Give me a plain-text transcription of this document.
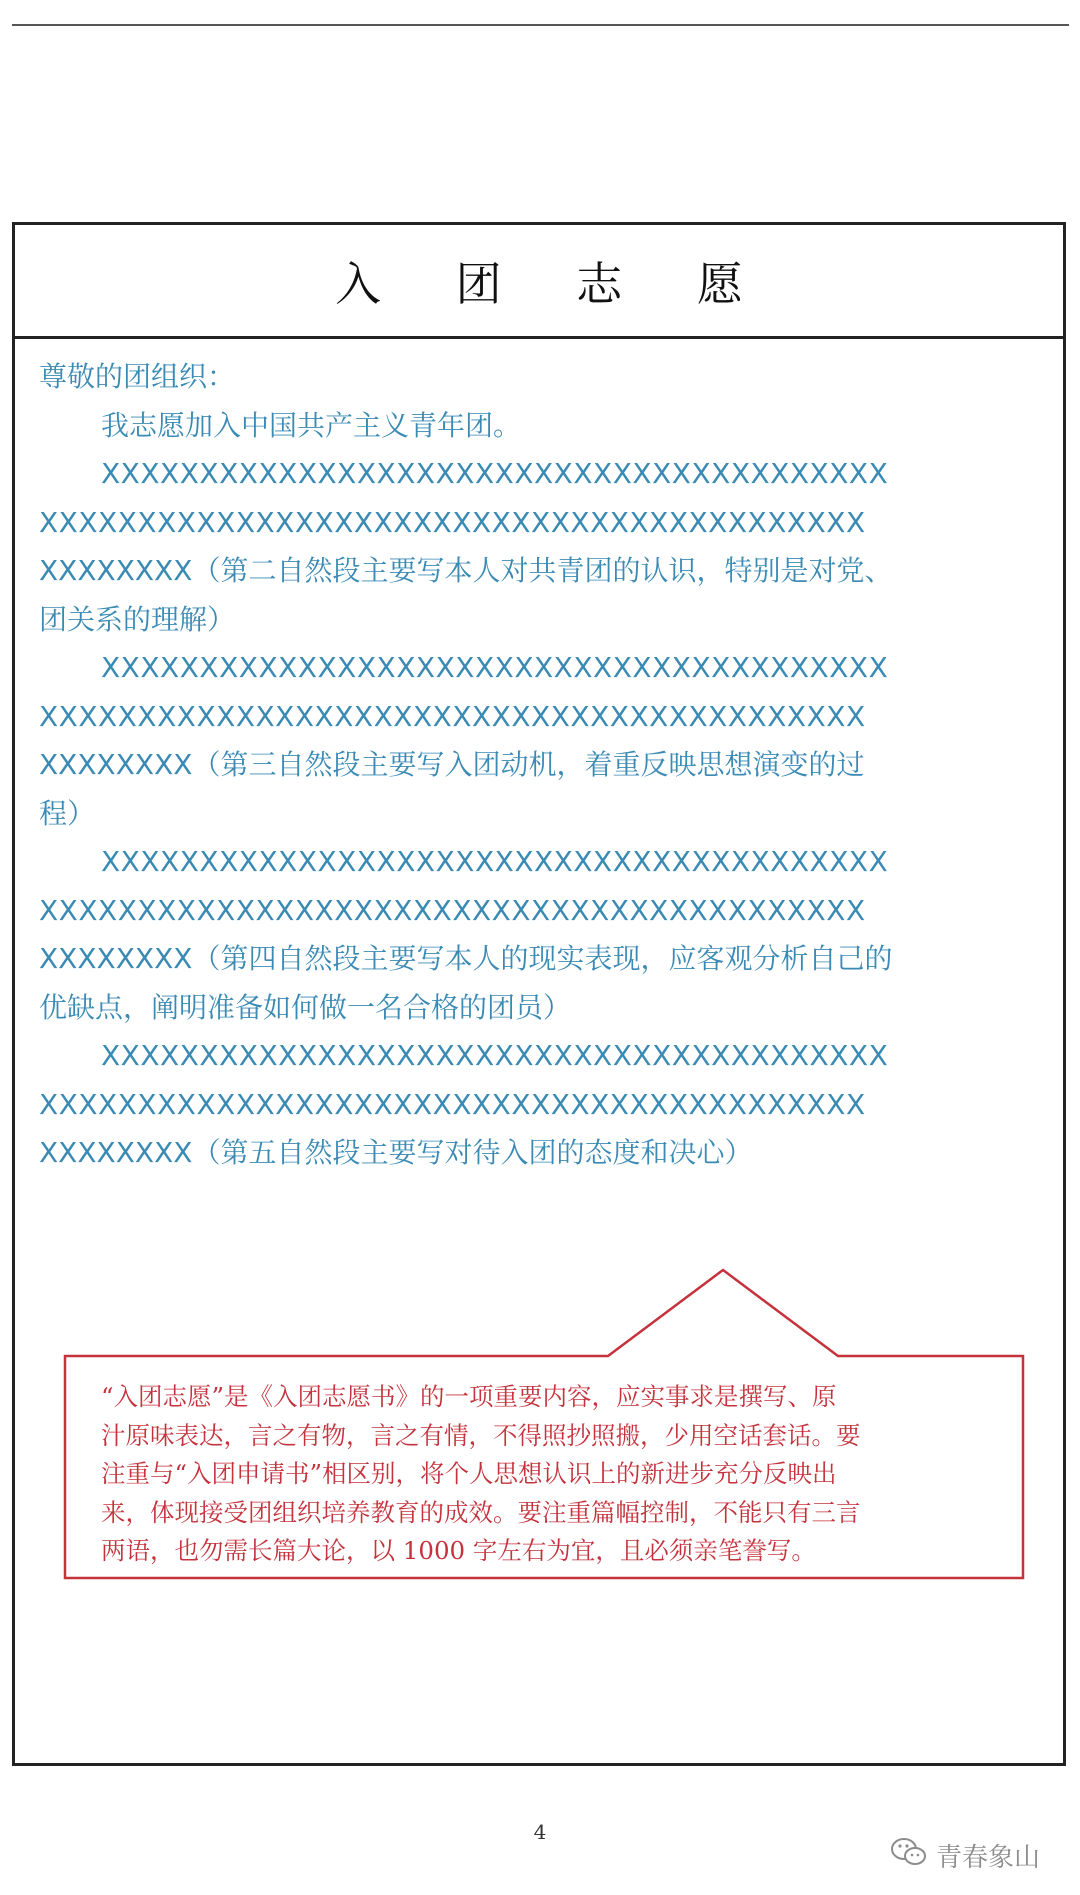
入 团 志 愿
尊敬的团组织：
我志愿加入中国共产主义青年团。
XXXXXXXXXXXXXXXXXXXXXXXXXXXXXXXXXXXXXXXX
XXXXXXXXXXXXXXXXXXXXXXXXXXXXXXXXXXXXXXXXXX
XXXXXXXX（第二自然段主要写本人对共青团的认识，特别是对党、
团关系的理解）
XXXXXXXXXXXXXXXXXXXXXXXXXXXXXXXXXXXXXXXX
XXXXXXXXXXXXXXXXXXXXXXXXXXXXXXXXXXXXXXXXXX
XXXXXXXX（第三自然段主要写入团动机，着重反映思想演变的过
程）
XXXXXXXXXXXXXXXXXXXXXXXXXXXXXXXXXXXXXXXX
XXXXXXXXXXXXXXXXXXXXXXXXXXXXXXXXXXXXXXXXXX
XXXXXXXX（第四自然段主要写本人的现实表现，应客观分析自己的
优缺点，阐明准备如何做一名合格的团员）
XXXXXXXXXXXXXXXXXXXXXXXXXXXXXXXXXXXXXXXX
XXXXXXXXXXXXXXXXXXXXXXXXXXXXXXXXXXXXXXXXXX
XXXXXXXX（第五自然段主要写对待入团的态度和决心）
“入团志愿”是《入团志愿书》的一项重要内容，应实事求是撰写、原
汁原味表达，言之有物，言之有情，不得照抄照搬，少用空话套话。要
注重与“入团申请书”相区别，将个人思想认识上的新进步充分反映出
来，体现接受团组织培养教育的成效。要注重篇幅控制，不能只有三言
两语，也勿需长篇大论，以 1000 字左右为宜，且必须亲笔誊写。
4
青春象山
